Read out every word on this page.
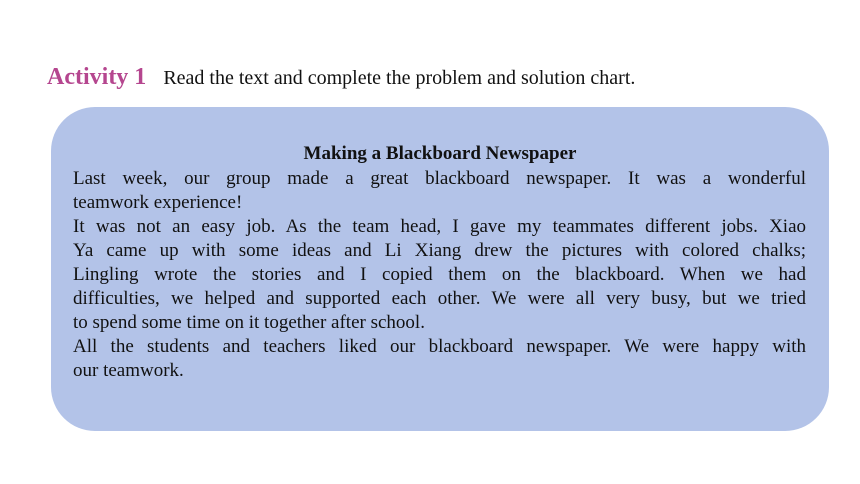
Activity 1 Read the text and complete the problem and solution chart.
Making a Blackboard Newspaper
Last week, our group made a great blackboard newspaper. It was a wonderful
teamwork experience!
It was not an easy job. As the team head, I gave my teammates different jobs. Xiao
Ya came up with some ideas and Li Xiang drew the pictures with colored chalks;
Lingling wrote the stories and I copied them on the blackboard. When we had
difficulties, we helped and supported each other. We were all very busy, but we tried
to spend some time on it together after school.
All the students and teachers liked our blackboard newspaper. We were happy with
our teamwork.
